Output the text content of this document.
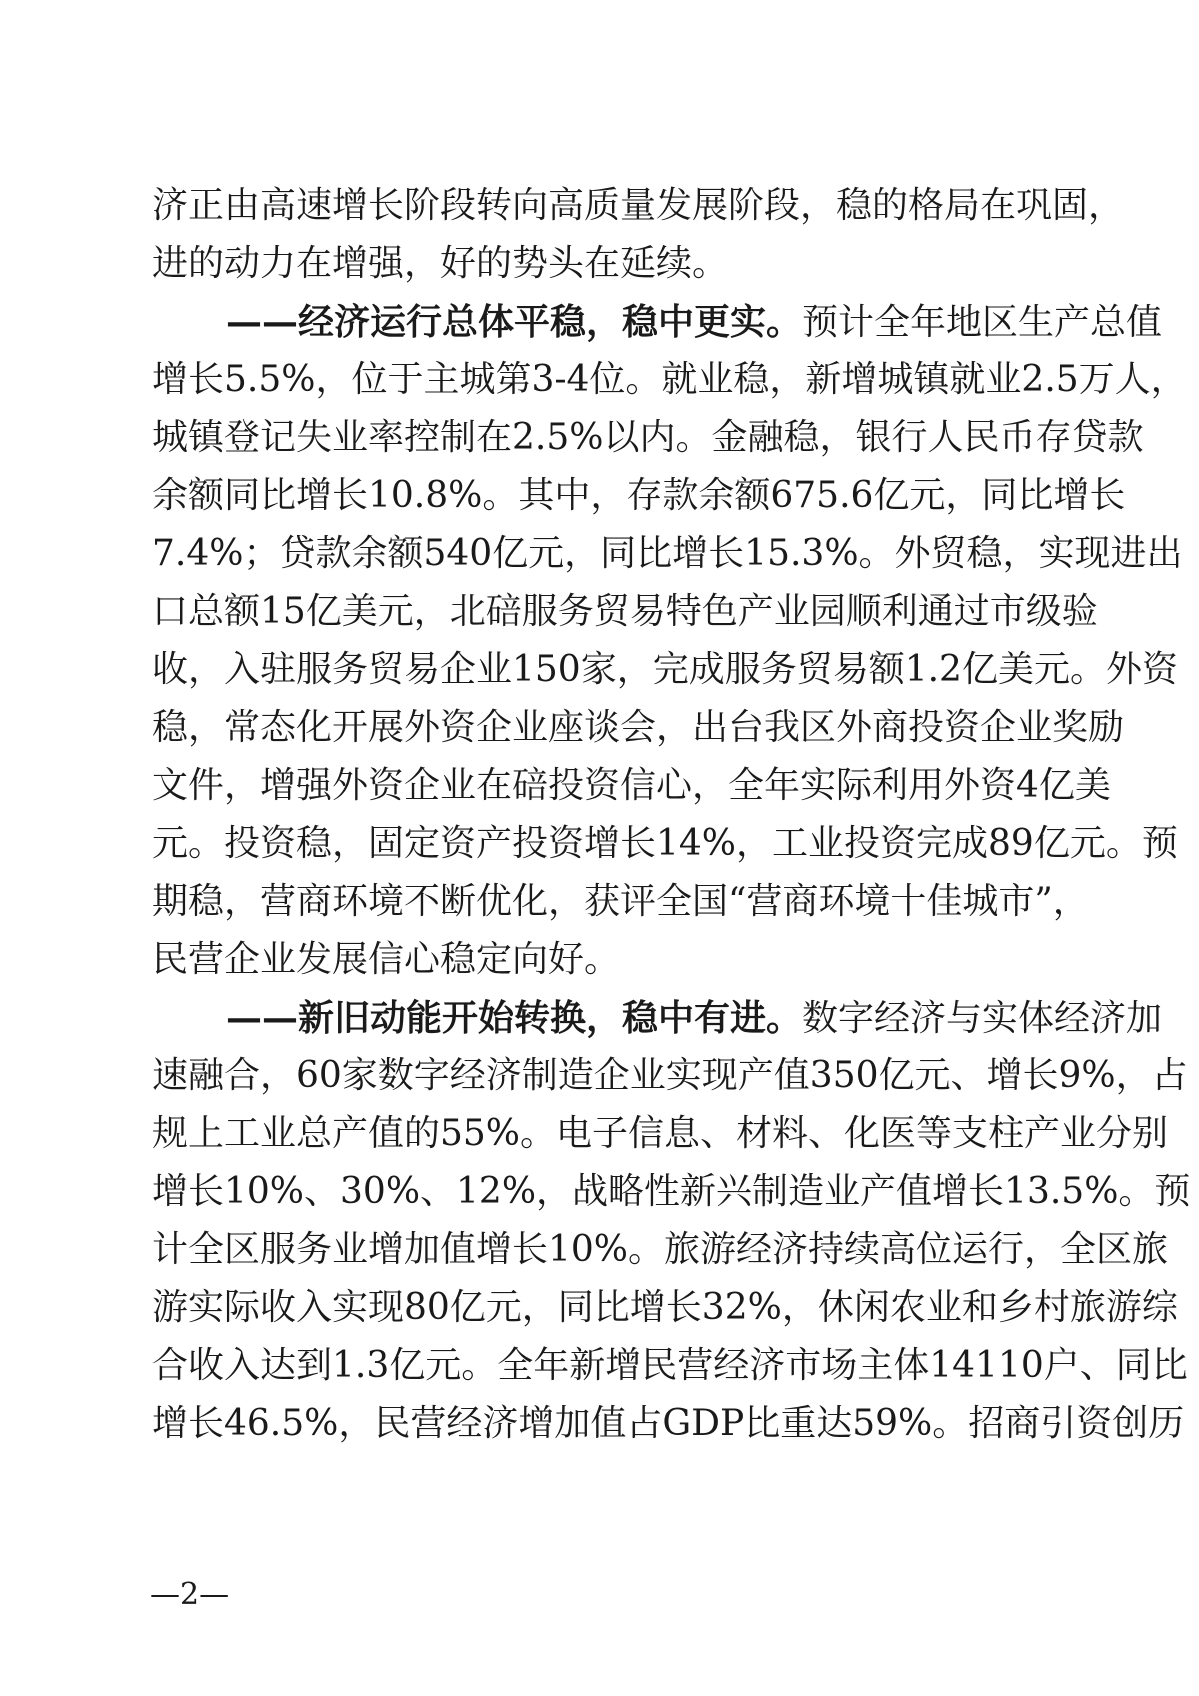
济正由高速增长阶段转向高质量发展阶段，稳的格局在巩固，
进的动力在增强，好的势头在延续。
——经济运行总体平稳，稳中更实。预计全年地区生产总值
增长5.5%，位于主城第3-4位。就业稳，新增城镇就业2.5万人，
城镇登记失业率控制在2.5%以内。金融稳，银行人民币存贷款
余额同比增长10.8%。其中，存款余额675.6亿元，同比增长
7.4%；贷款余额540亿元，同比增长15.3%。外贸稳，实现进出
口总额15亿美元，北碚服务贸易特色产业园顺利通过市级验
收，入驻服务贸易企业150家，完成服务贸易额1.2亿美元。外资
稳，常态化开展外资企业座谈会，出台我区外商投资企业奖励
文件，增强外资企业在碚投资信心，全年实际利用外资4亿美
元。投资稳，固定资产投资增长14%，工业投资完成89亿元。预
期稳，营商环境不断优化，获评全国“营商环境十佳城市”，
民营企业发展信心稳定向好。
——新旧动能开始转换，稳中有进。数字经济与实体经济加
速融合，60家数字经济制造企业实现产值350亿元、增长9%，占
规上工业总产值的55%。电子信息、材料、化医等支柱产业分别
增长10%、30%、12%，战略性新兴制造业产值增长13.5%。预
计全区服务业增加值增长10%。旅游经济持续高位运行，全区旅
游实际收入实现80亿元，同比增长32%，休闲农业和乡村旅游综
合收入达到1.3亿元。全年新增民营经济市场主体14110户、同比
增长46.5%，民营经济增加值占GDP比重达59%。招商引资创历
—2—
